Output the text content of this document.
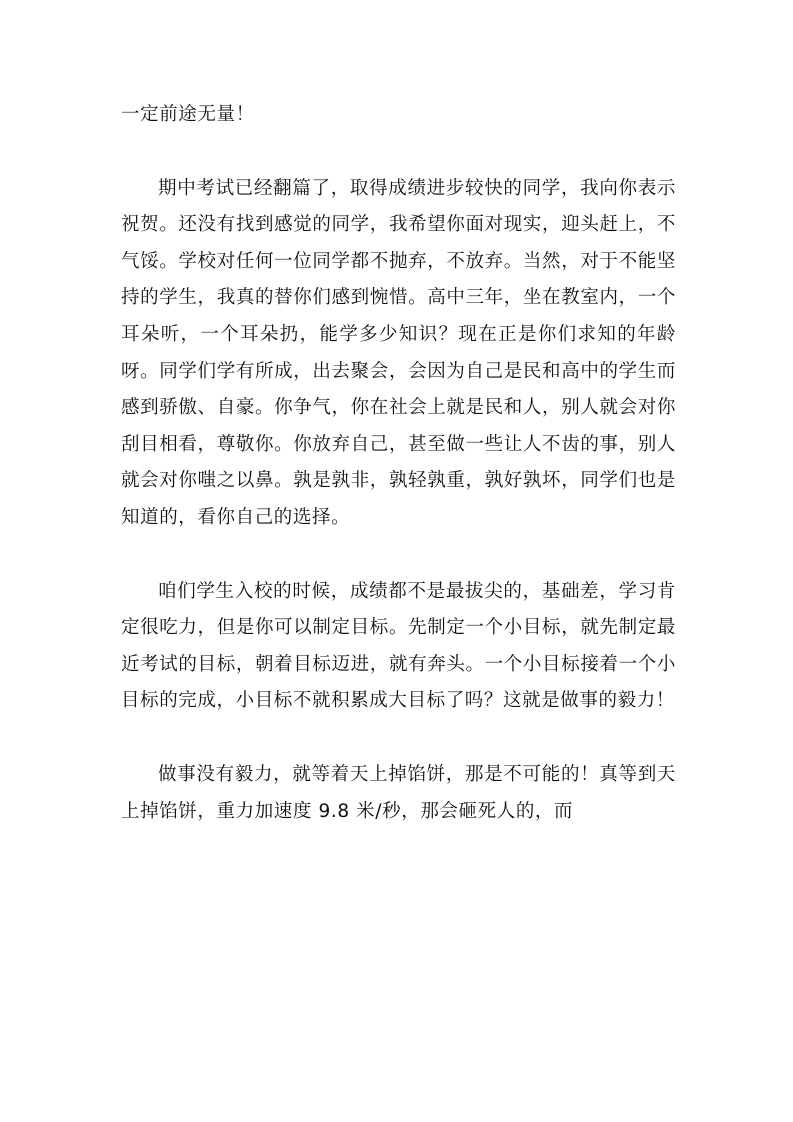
一定前途无量！

期中考试已经翻篇了，取得成绩进步较快的同学，我向你表示祝贺。还没有找到感觉的同学，我希望你面对现实，迎头赶上，不气馁。学校对任何一位同学都不抛弃，不放弃。当然，对于不能坚持的学生，我真的替你们感到惋惜。高中三年，坐在教室内，一个耳朵听，一个耳朵扔，能学多少知识？现在正是你们求知的年龄呀。同学们学有所成，出去聚会，会因为自己是民和高中的学生而感到骄傲、自豪。你争气，你在社会上就是民和人，别人就会对你刮目相看，尊敬你。你放弃自己，甚至做一些让人不齿的事，别人就会对你嗤之以鼻。孰是孰非，孰轻孰重，孰好孰坏，同学们也是知道的，看你自己的选择。

咱们学生入校的时候，成绩都不是最拔尖的，基础差，学习肯定很吃力，但是你可以制定目标。先制定一个小目标，就先制定最近考试的目标，朝着目标迈进，就有奔头。一个小目标接着一个小目标的完成，小目标不就积累成大目标了吗？这就是做事的毅力！

做事没有毅力，就等着天上掉馅饼，那是不可能的！真等到天上掉馅饼，重力加速度 9.8 米/秒，那会砸死人的，而
